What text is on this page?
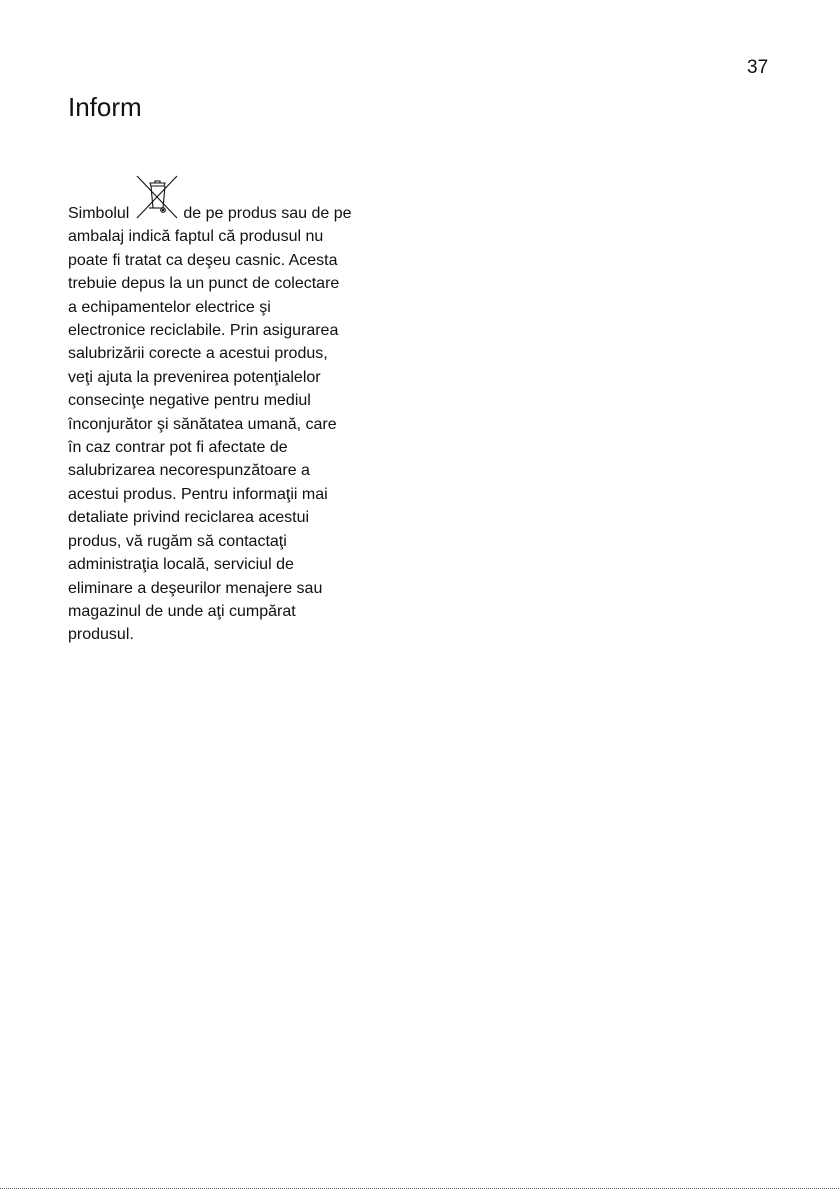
37
Inform
Simbolul	de pe produs sau de pe
ambalaj indică faptul că produsul nu
poate fi tratat ca deşeu casnic. Acesta
trebuie depus la un punct de colectare
a echipamentelor electrice şi
electronice reciclabile. Prin asigurarea
salubrizării corecte a acestui produs,
veţi ajuta la prevenirea potenţialelor
consecinţe negative pentru mediul
înconjurător şi sănătatea umană, care
în caz contrar pot fi afectate de
salubrizarea necorespunzătoare a
acestui produs. Pentru informaţii mai
detaliate privind reciclarea acestui
produs, vă rugăm să contactaţi
administraţia locală, serviciul de
eliminare a deşeurilor menajere sau
magazinul de unde aţi cumpărat
produsul.
